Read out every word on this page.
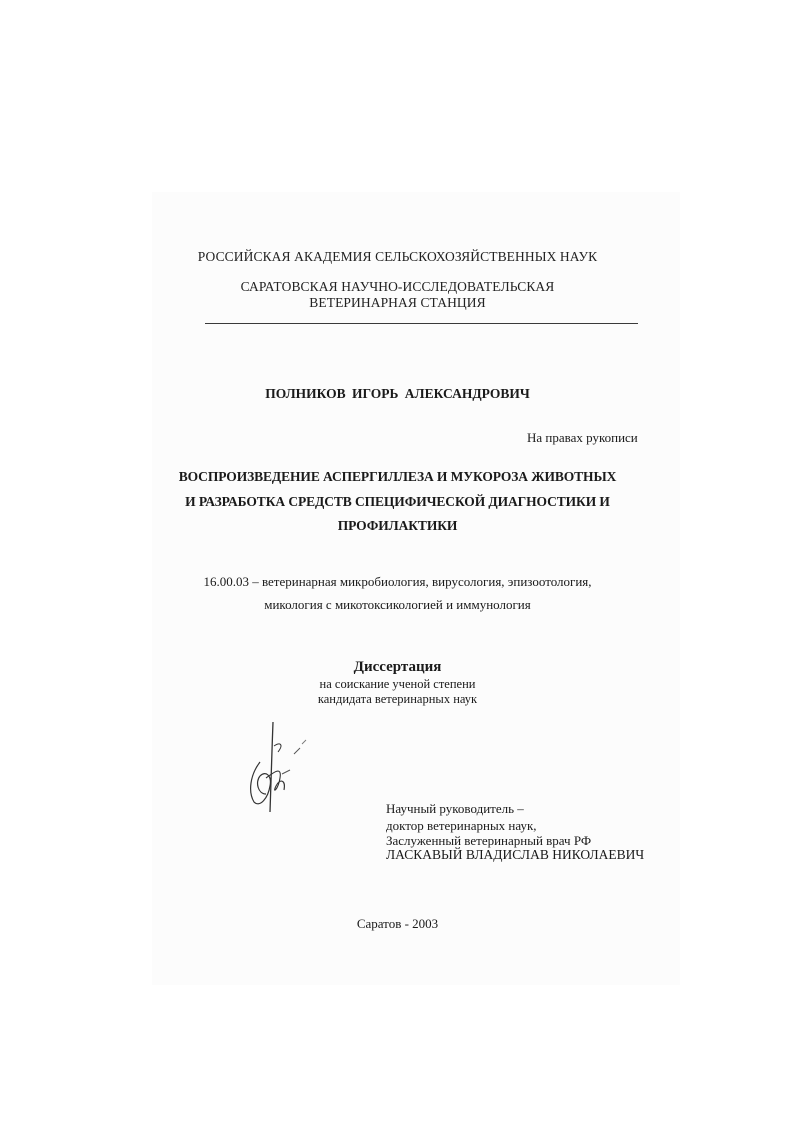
РОССИЙСКАЯ АКАДЕМИЯ СЕЛЬСКОХОЗЯЙСТВЕННЫХ НАУК
САРАТОВСКАЯ НАУЧНО-ИССЛЕДОВАТЕЛЬСКАЯ
ВЕТЕРИНАРНАЯ СТАНЦИЯ
ПОЛНИКОВ ИГОРЬ АЛЕКСАНДРОВИЧ
На правах рукописи
ВОСПРОИЗВЕДЕНИЕ АСПЕРГИЛЛЕЗА И МУКОРОЗА ЖИВОТНЫХ
И РАЗРАБОТКА СРЕДСТВ СПЕЦИФИЧЕСКОЙ ДИАГНОСТИКИ И
ПРОФИЛАКТИКИ
16.00.03 – ветеринарная микробиология, вирусология, эпизоотология,
микология с микотоксикологией и иммунология
Диссертация
на соискание ученой степени
кандидата ветеринарных наук
Научный руководитель –
доктор ветеринарных наук,
Заслуженный ветеринарный врач РФ
ЛАСКАВЫЙ ВЛАДИСЛАВ НИКОЛАЕВИЧ
Саратов - 2003
